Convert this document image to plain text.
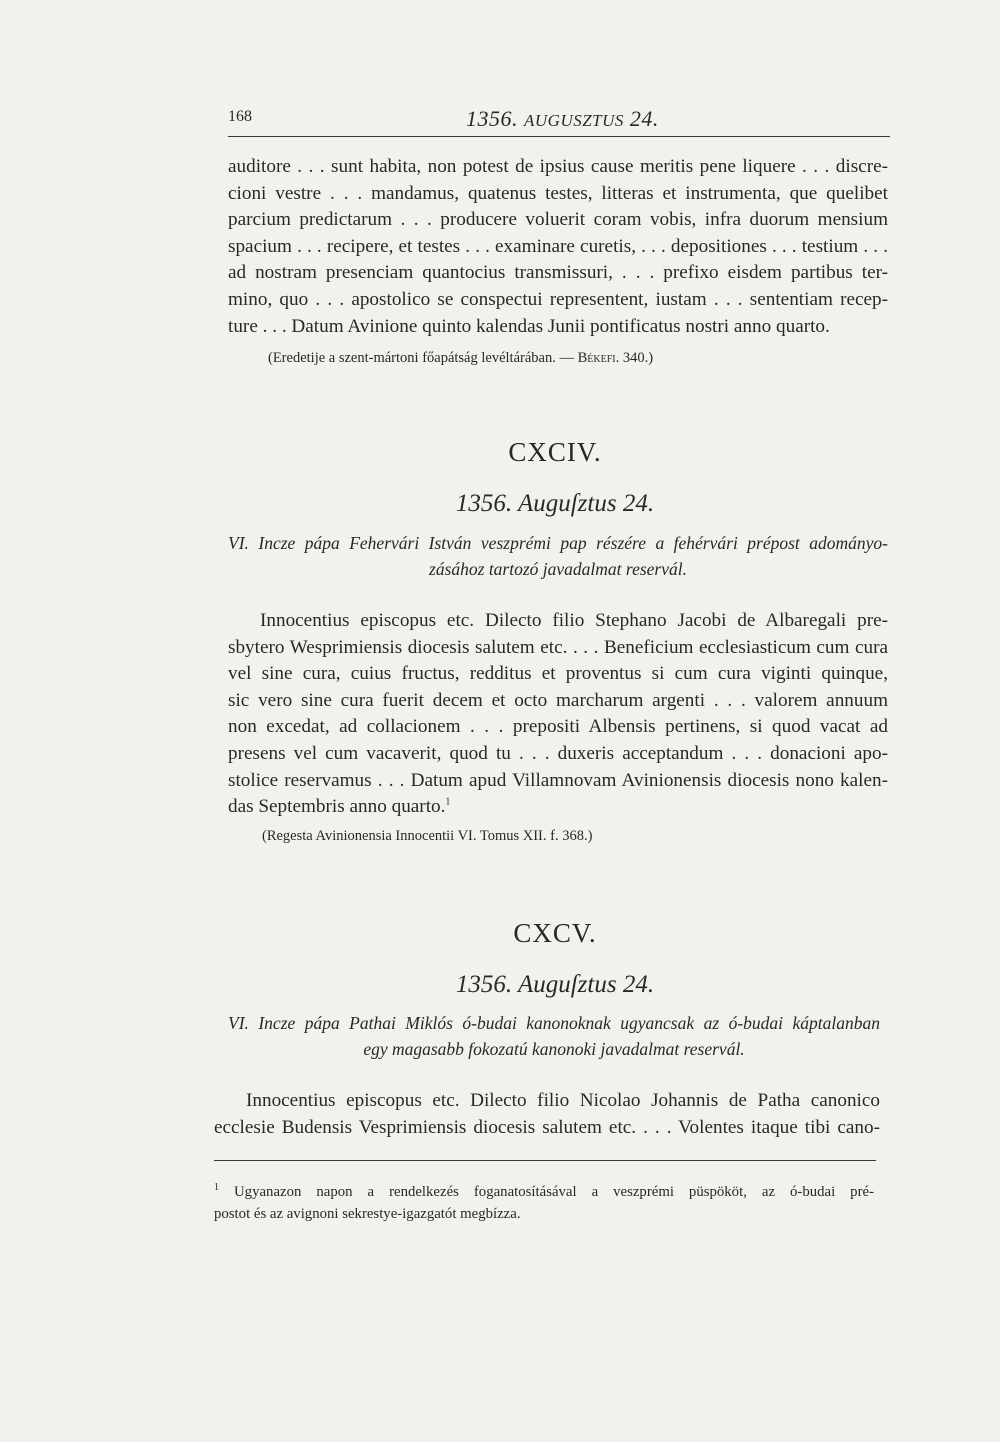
168	1356. AUGUSZTUS 24.
auditore . . . sunt habita, non potest de ipsius cause meritis pene liquere . . . discre-
cioni vestre . . . mandamus, quatenus testes, litteras et instrumenta, que quelibet
parcium predictarum . . . producere voluerit coram vobis, infra duorum mensium
spacium . . . recipere, et testes . . . examinare curetis, . . . depositiones . . . testium . . .
ad nostram presenciam quantocius transmissuri, . . . prefixo eisdem partibus ter-
mino, quo . . . apostolico se conspectui representent, iustam . . . sententiam recep-
ture . . . Datum Avinione quinto kalendas Junii pontificatus nostri anno quarto.
(Eredetije a szent-mártoni főapátság levéltárában. — Békefi. 340.)
CXCIV.
1356. Auguſztus 24.
VI. Incze pápa Fehervári István veszprémi pap részére a fehérvári prépost adományo-
zásához tartozó javadalmat reservál.
Innocentius episcopus etc. Dilecto filio Stephano Jacobi de Albaregali pre-
sbytero Wesprimiensis diocesis salutem etc. . . . Beneficium ecclesiasticum cum cura
vel sine cura, cuius fructus, redditus et proventus si cum cura viginti quinque,
sic vero sine cura fuerit decem et octo marcharum argenti . . . valorem annuum
non excedat, ad collacionem . . . prepositi Albensis pertinens, si quod vacat ad
presens vel cum vacaverit, quod tu . . . duxeris acceptandum . . . donacioni apo-
stolice reservamus . . . Datum apud Villamnovam Avinionensis diocesis nono kalen-
das Septembris anno quarto.$^1$
(Regesta Avinionensia Innocentii VI. Tomus XII. f. 368.)
CXCV.
1356. Auguſztus 24.
VI. Incze pápa Pathai Miklós ó-budai kanonoknak ugyancsak az ó-budai káptalanban
egy magasabb fokozatú kanonoki javadalmat reservál.
Innocentius episcopus etc. Dilecto filio Nicolao Johannis de Patha canonico
ecclesie Budensis Vesprimiensis diocesis salutem etc. . . . Volentes itaque tibi cano-
$^1$ Ugyanazon napon a rendelkezés foganatosításával a veszprémi püspököt, az ó-budai pré-
postot és az avignoni sekrestye-igazgatót megbízza.
